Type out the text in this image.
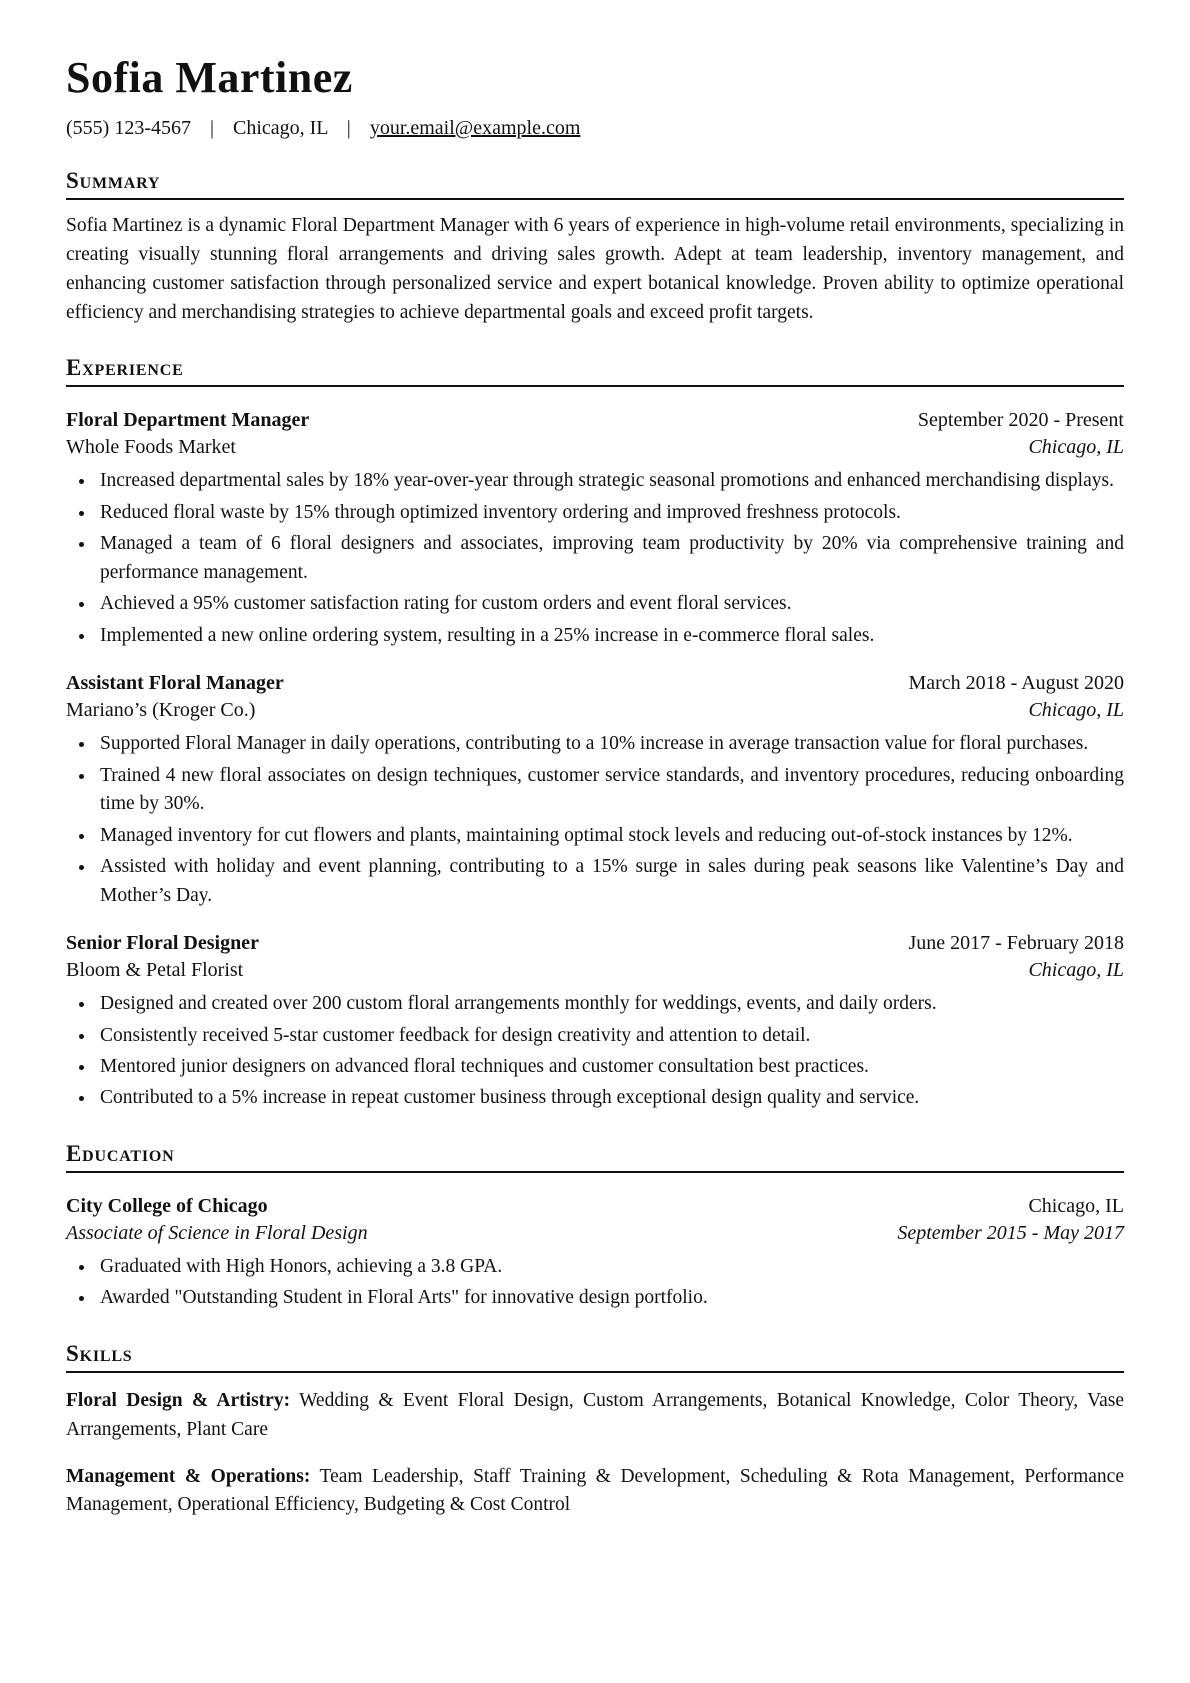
Sofia Martinez
(555) 123-4567 | Chicago, IL | your.email@example.com
Summary

Sofia Martinez is a dynamic Floral Department Manager with 6 years of experience in high-volume retail environments, specializing in creating visually stunning floral arrangements and driving sales growth. Adept at team leadership, inventory management, and enhancing customer satisfaction through personalized service and expert botanical knowledge. Proven ability to optimize operational efficiency and merchandising strategies to achieve departmental goals and exceed profit targets.

Experience
Floral Department Manager	September 2020 - Present
Whole Foods Market	Chicago, IL
• Increased departmental sales by 18% year-over-year through strategic seasonal promotions and enhanced merchandising displays.
• Reduced floral waste by 15% through optimized inventory ordering and improved freshness protocols.
• Managed a team of 6 floral designers and associates, improving team productivity by 20% via comprehensive training and performance management.
• Achieved a 95% customer satisfaction rating for custom orders and event floral services.
• Implemented a new online ordering system, resulting in a 25% increase in e-commerce floral sales.
Assistant Floral Manager	March 2018 - August 2020
Mariano’s (Kroger Co.)	Chicago, IL
• Supported Floral Manager in daily operations, contributing to a 10% increase in average transaction value for floral purchases.
• Trained 4 new floral associates on design techniques, customer service standards, and inventory procedures, reducing onboarding time by 30%.
• Managed inventory for cut flowers and plants, maintaining optimal stock levels and reducing out-of-stock instances by 12%.
• Assisted with holiday and event planning, contributing to a 15% surge in sales during peak seasons like Valentine’s Day and Mother’s Day.
Senior Floral Designer	June 2017 - February 2018
Bloom & Petal Florist	Chicago, IL
• Designed and created over 200 custom floral arrangements monthly for weddings, events, and daily orders.
• Consistently received 5-star customer feedback for design creativity and attention to detail.
• Mentored junior designers on advanced floral techniques and customer consultation best practices.
• Contributed to a 5% increase in repeat customer business through exceptional design quality and service.
Education
City College of Chicago	Chicago, IL
Associate of Science in Floral Design	September 2015 - May 2017
• Graduated with High Honors, achieving a 3.8 GPA.
• Awarded "Outstanding Student in Floral Arts" for innovative design portfolio.
Skills

Floral Design & Artistry: Wedding & Event Floral Design, Custom Arrangements, Botanical Knowledge, Color Theory, Vase Arrangements, Plant Care

Management & Operations: Team Leadership, Staff Training & Development, Scheduling & Rota Management, Performance Management, Operational Efficiency, Budgeting & Cost Control
